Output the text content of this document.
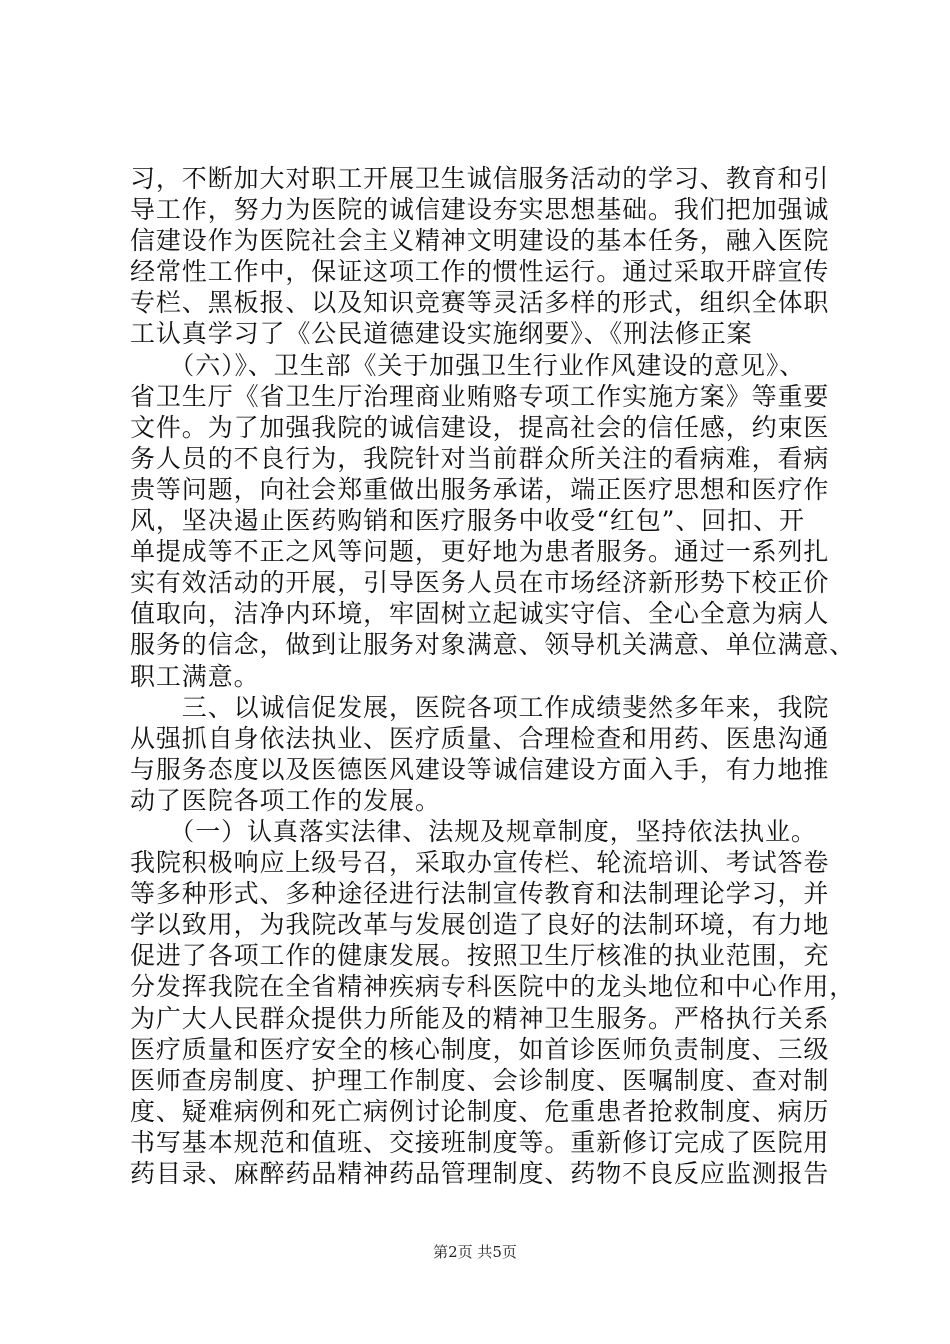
习，不断加大对职工开展卫生诚信服务活动的学习、教育和引
导工作，努力为医院的诚信建设夯实思想基础。我们把加强诚
信建设作为医院社会主义精神文明建设的基本任务，融入医院
经常性工作中，保证这项工作的惯性运行。通过采取开辟宣传
专栏、黑板报、以及知识竞赛等灵活多样的形式，组织全体职
工认真学习了《公民道德建设实施纲要》、《刑法修正案
　　（六）》、卫生部《关于加强卫生行业作风建设的意见》、
省卫生厅《省卫生厅治理商业贿赂专项工作实施方案》等重要
文件。为了加强我院的诚信建设，提高社会的信任感，约束医
务人员的不良行为，我院针对当前群众所关注的看病难，看病
贵等问题，向社会郑重做出服务承诺，端正医疗思想和医疗作
风，坚决遏止医药购销和医疗服务中收受“红包”、回扣、开
单提成等不正之风等问题，更好地为患者服务。通过一系列扎
实有效活动的开展，引导医务人员在市场经济新形势下校正价
值取向，洁净内环境，牢固树立起诚实守信、全心全意为病人
服务的信念，做到让服务对象满意、领导机关满意、单位满意、
职工满意。
　　三、以诚信促发展，医院各项工作成绩斐然多年来，我院
从强抓自身依法执业、医疗质量、合理检查和用药、医患沟通
与服务态度以及医德医风建设等诚信建设方面入手，有力地推
动了医院各项工作的发展。
　　（一）认真落实法律、法规及规章制度，坚持依法执业。
我院积极响应上级号召，采取办宣传栏、轮流培训、考试答卷
等多种形式、多种途径进行法制宣传教育和法制理论学习，并
学以致用，为我院改革与发展创造了良好的法制环境，有力地
促进了各项工作的健康发展。按照卫生厅核准的执业范围，充
分发挥我院在全省精神疾病专科医院中的龙头地位和中心作用，
为广大人民群众提供力所能及的精神卫生服务。严格执行关系
医疗质量和医疗安全的核心制度，如首诊医师负责制度、三级
医师查房制度、护理工作制度、会诊制度、医嘱制度、查对制
度、疑难病例和死亡病例讨论制度、危重患者抢救制度、病历
书写基本规范和值班、交接班制度等。重新修订完成了医院用
药目录、麻醉药品精神药品管理制度、药物不良反应监测报告
第2页 共5页
